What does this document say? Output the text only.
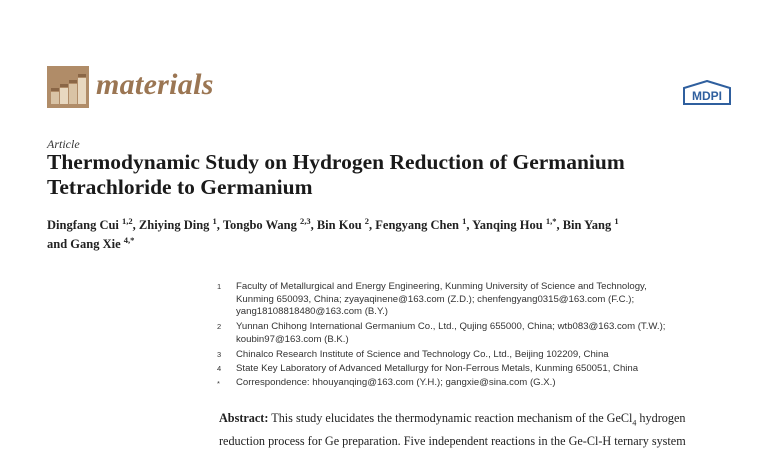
materials	MDPI
Article
Thermodynamic Study on Hydrogen Reduction of Germanium
Tetrachloride to Germanium

Dingfang Cui $^{1,2}$, Zhiying Ding $^1$, Tongbo Wang $^{2,3}$, Bin Kou $^2$, Fengyang Chen $^1$, Yanqing Hou $^{1,*}$, Bin Yang $^1$
and Gang Xie $^{4,*}$

1 Faculty of Metallurgical and Energy Engineering, Kunming University of Science and Technology,
Kunming 650093, China; zyayaqinene@163.com (Z.D.); chenfengyang0315@163.com (F.C.);
yang18108818480@163.com (B.Y.)
2 Yunnan Chihong International Germanium Co., Ltd., Qujing 655000, China; wtb083@163.com (T.W.);
koubin97@163.com (B.K.)
3 Chinalco Research Institute of Science and Technology Co., Ltd., Beijing 102209, China
4 State Key Laboratory of Advanced Metallurgy for Non-Ferrous Metals, Kunming 650051, China
* Correspondence: hhouyanqing@163.com (Y.H.); gangxie@sina.com (G.X.)

Abstract: This study elucidates the thermodynamic reaction mechanism of the GeCl$_4$ hydrogen
reduction process for Ge preparation. Five independent reactions in the Ge-Cl-H ternary system
